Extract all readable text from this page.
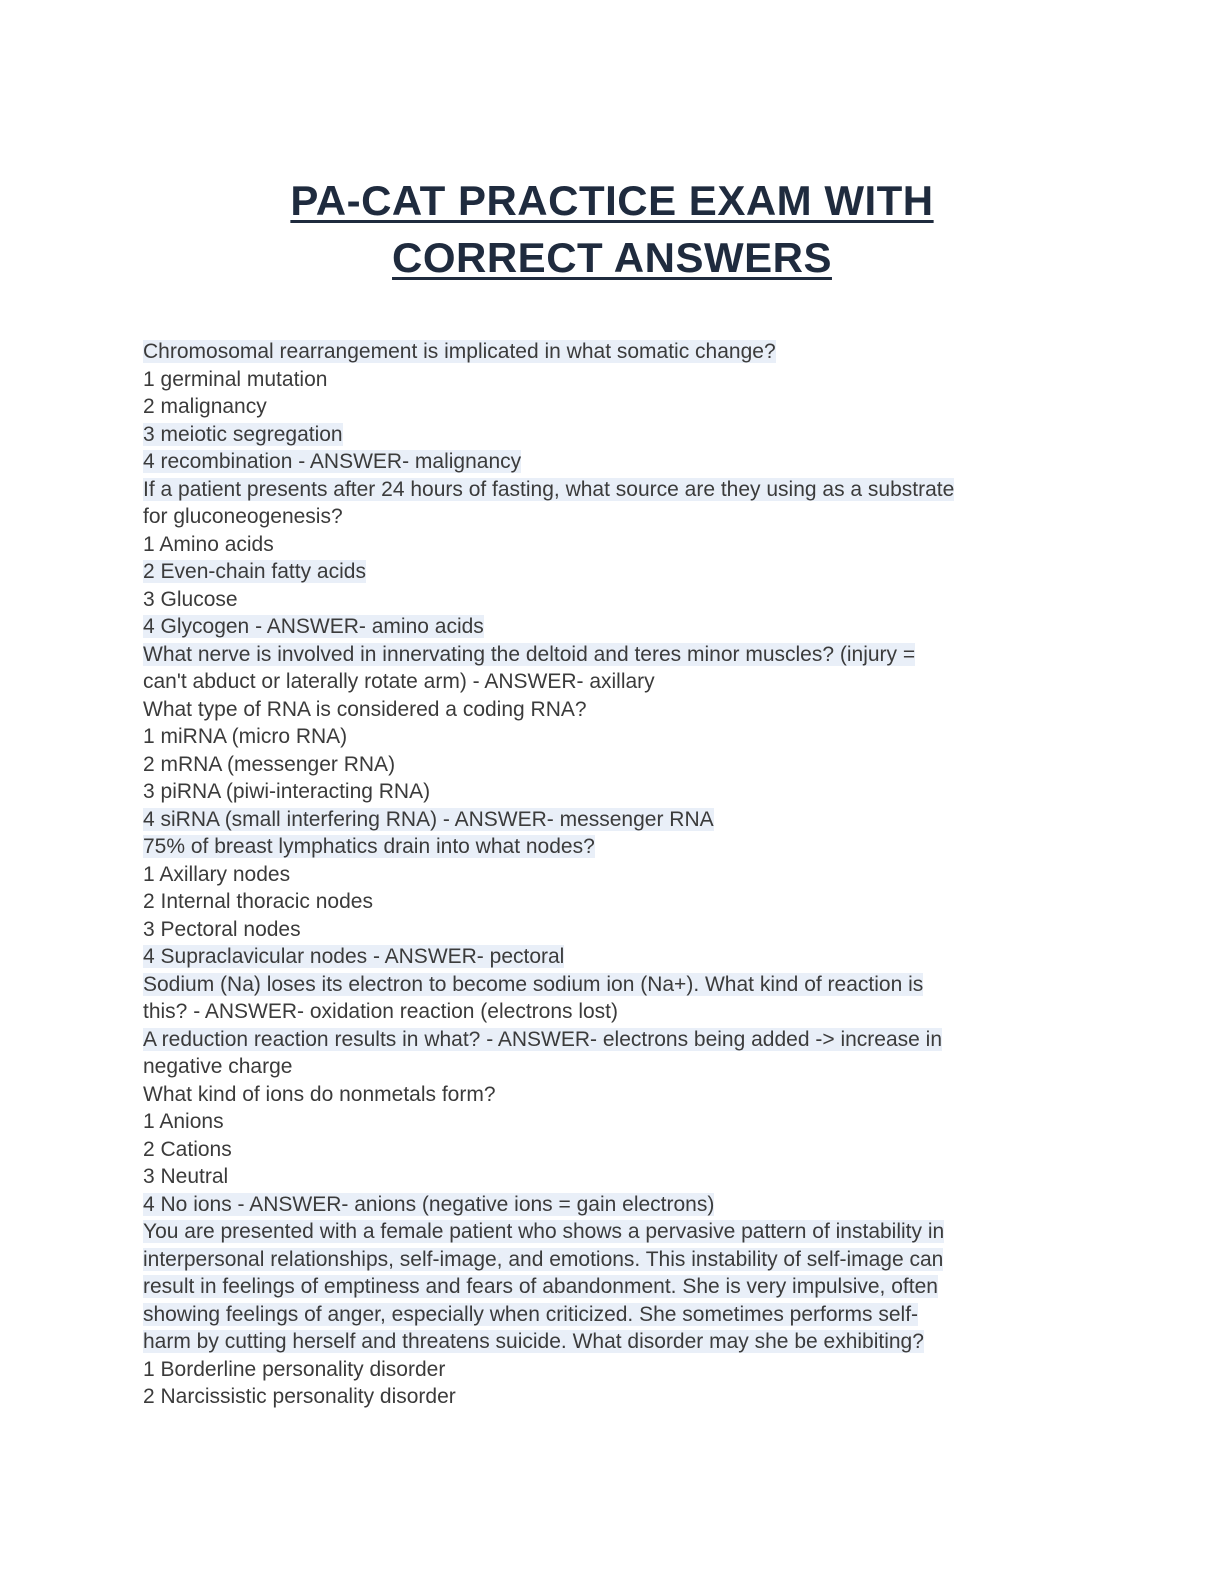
PA-CAT PRACTICE EXAM WITH
CORRECT ANSWERS
Chromosomal rearrangement is implicated in what somatic change?
1 germinal mutation
2 malignancy
3 meiotic segregation
4 recombination - ANSWER- malignancy
If a patient presents after 24 hours of fasting, what source are they using as a substrate
for gluconeogenesis?
1 Amino acids
2 Even-chain fatty acids
3 Glucose
4 Glycogen - ANSWER- amino acids
What nerve is involved in innervating the deltoid and teres minor muscles? (injury =
can't abduct or laterally rotate arm) - ANSWER- axillary
What type of RNA is considered a coding RNA?
1 miRNA (micro RNA)
2 mRNA (messenger RNA)
3 piRNA (piwi-interacting RNA)
4 siRNA (small interfering RNA) - ANSWER- messenger RNA
75% of breast lymphatics drain into what nodes?
1 Axillary nodes
2 Internal thoracic nodes
3 Pectoral nodes
4 Supraclavicular nodes - ANSWER- pectoral
Sodium (Na) loses its electron to become sodium ion (Na+). What kind of reaction is
this? - ANSWER- oxidation reaction (electrons lost)
A reduction reaction results in what? - ANSWER- electrons being added -> increase in
negative charge
What kind of ions do nonmetals form?
1 Anions
2 Cations
3 Neutral
4 No ions - ANSWER- anions (negative ions = gain electrons)
You are presented with a female patient who shows a pervasive pattern of instability in
interpersonal relationships, self-image, and emotions. This instability of self-image can
result in feelings of emptiness and fears of abandonment. She is very impulsive, often
showing feelings of anger, especially when criticized. She sometimes performs self-
harm by cutting herself and threatens suicide. What disorder may she be exhibiting?
1 Borderline personality disorder
2 Narcissistic personality disorder
